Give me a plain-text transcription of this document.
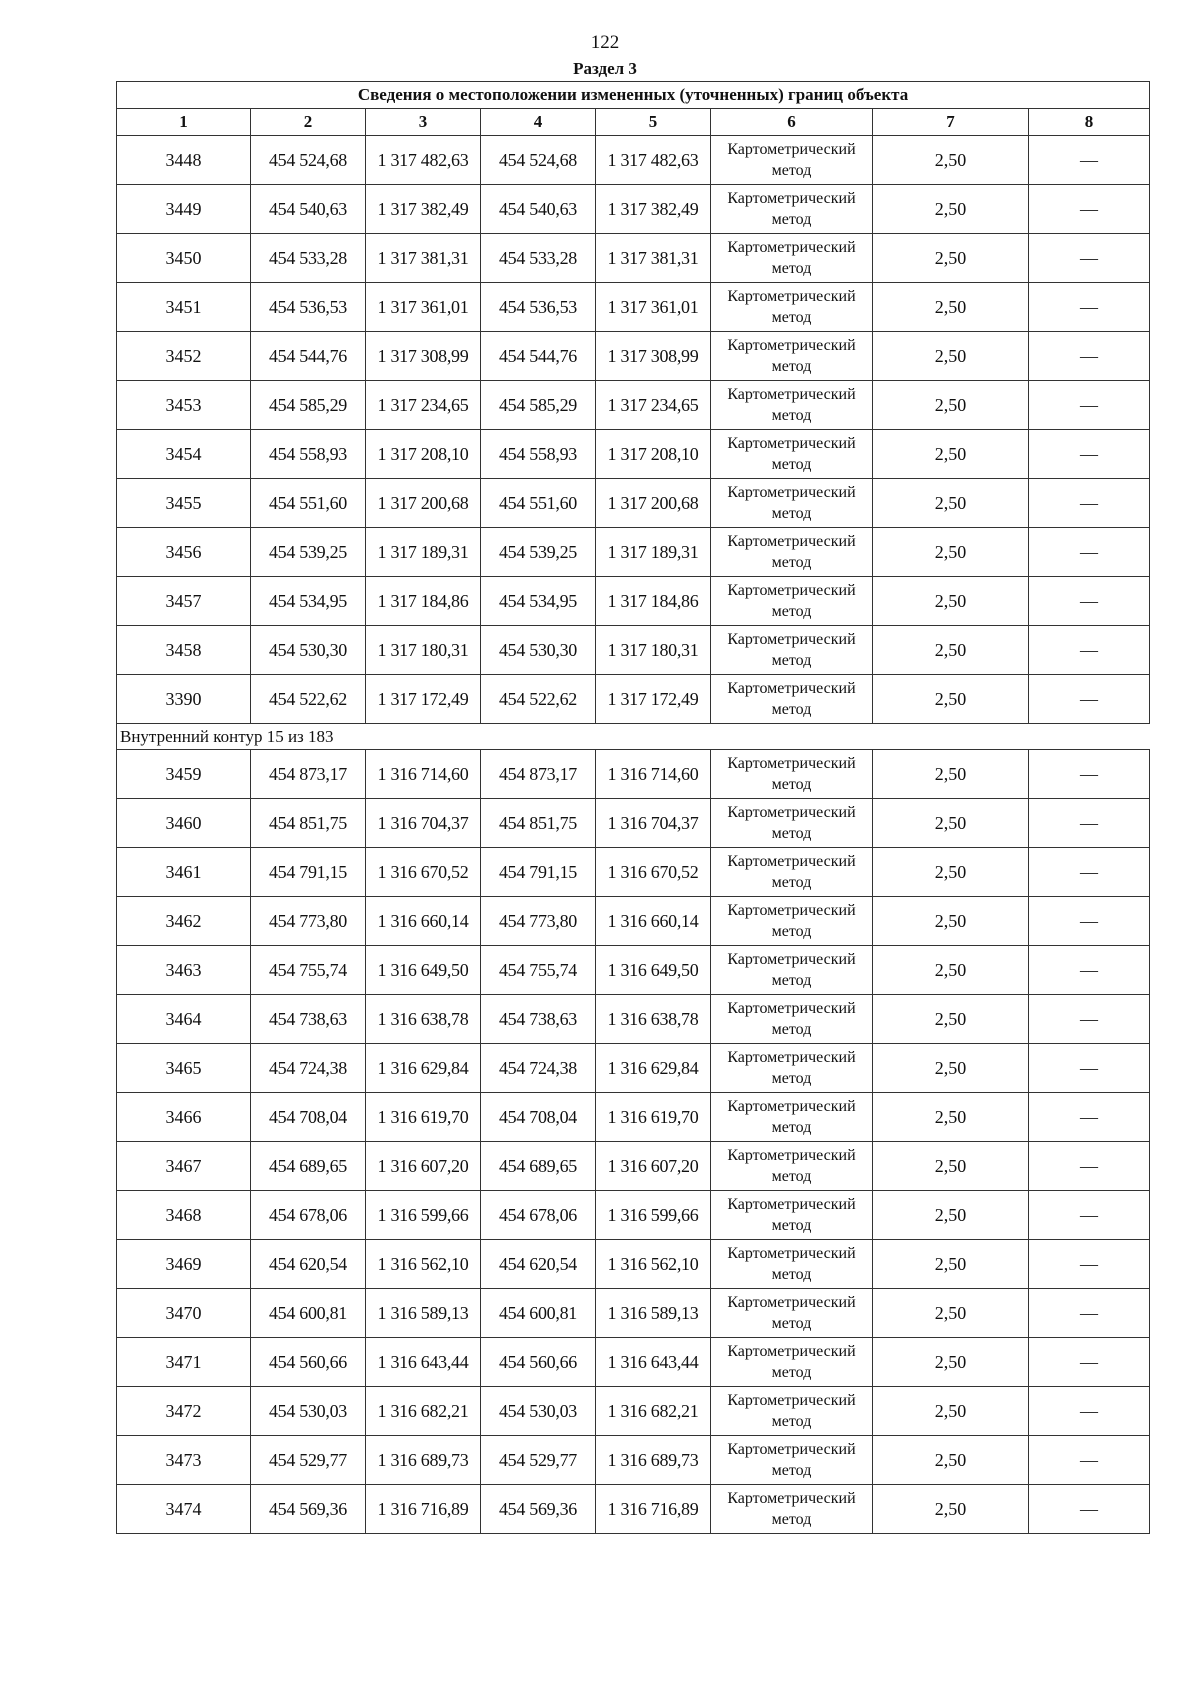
122
Раздел 3
Сведения о местоположении измененных (уточненных) границ объекта							
1	2	3	4	5	6	7	8
3448	454 524,68	1 317 482,63	454 524,68	1 317 482,63	Картометрический метод	2,50	—
3449	454 540,63	1 317 382,49	454 540,63	1 317 382,49	Картометрический метод	2,50	—
3450	454 533,28	1 317 381,31	454 533,28	1 317 381,31	Картометрический метод	2,50	—
3451	454 536,53	1 317 361,01	454 536,53	1 317 361,01	Картометрический метод	2,50	—
3452	454 544,76	1 317 308,99	454 544,76	1 317 308,99	Картометрический метод	2,50	—
3453	454 585,29	1 317 234,65	454 585,29	1 317 234,65	Картометрический метод	2,50	—
3454	454 558,93	1 317 208,10	454 558,93	1 317 208,10	Картометрический метод	2,50	—
3455	454 551,60	1 317 200,68	454 551,60	1 317 200,68	Картометрический метод	2,50	—
3456	454 539,25	1 317 189,31	454 539,25	1 317 189,31	Картометрический метод	2,50	—
3457	454 534,95	1 317 184,86	454 534,95	1 317 184,86	Картометрический метод	2,50	—
3458	454 530,30	1 317 180,31	454 530,30	1 317 180,31	Картометрический метод	2,50	—
3390	454 522,62	1 317 172,49	454 522,62	1 317 172,49	Картометрический метод	2,50	—
Внутренний контур 15 из 183							
3459	454 873,17	1 316 714,60	454 873,17	1 316 714,60	Картометрический метод	2,50	—
3460	454 851,75	1 316 704,37	454 851,75	1 316 704,37	Картометрический метод	2,50	—
3461	454 791,15	1 316 670,52	454 791,15	1 316 670,52	Картометрический метод	2,50	—
3462	454 773,80	1 316 660,14	454 773,80	1 316 660,14	Картометрический метод	2,50	—
3463	454 755,74	1 316 649,50	454 755,74	1 316 649,50	Картометрический метод	2,50	—
3464	454 738,63	1 316 638,78	454 738,63	1 316 638,78	Картометрический метод	2,50	—
3465	454 724,38	1 316 629,84	454 724,38	1 316 629,84	Картометрический метод	2,50	—
3466	454 708,04	1 316 619,70	454 708,04	1 316 619,70	Картометрический метод	2,50	—
3467	454 689,65	1 316 607,20	454 689,65	1 316 607,20	Картометрический метод	2,50	—
3468	454 678,06	1 316 599,66	454 678,06	1 316 599,66	Картометрический метод	2,50	—
3469	454 620,54	1 316 562,10	454 620,54	1 316 562,10	Картометрический метод	2,50	—
3470	454 600,81	1 316 589,13	454 600,81	1 316 589,13	Картометрический метод	2,50	—
3471	454 560,66	1 316 643,44	454 560,66	1 316 643,44	Картометрический метод	2,50	—
3472	454 530,03	1 316 682,21	454 530,03	1 316 682,21	Картометрический метод	2,50	—
3473	454 529,77	1 316 689,73	454 529,77	1 316 689,73	Картометрический метод	2,50	—
3474	454 569,36	1 316 716,89	454 569,36	1 316 716,89	Картометрический метод	2,50	—
